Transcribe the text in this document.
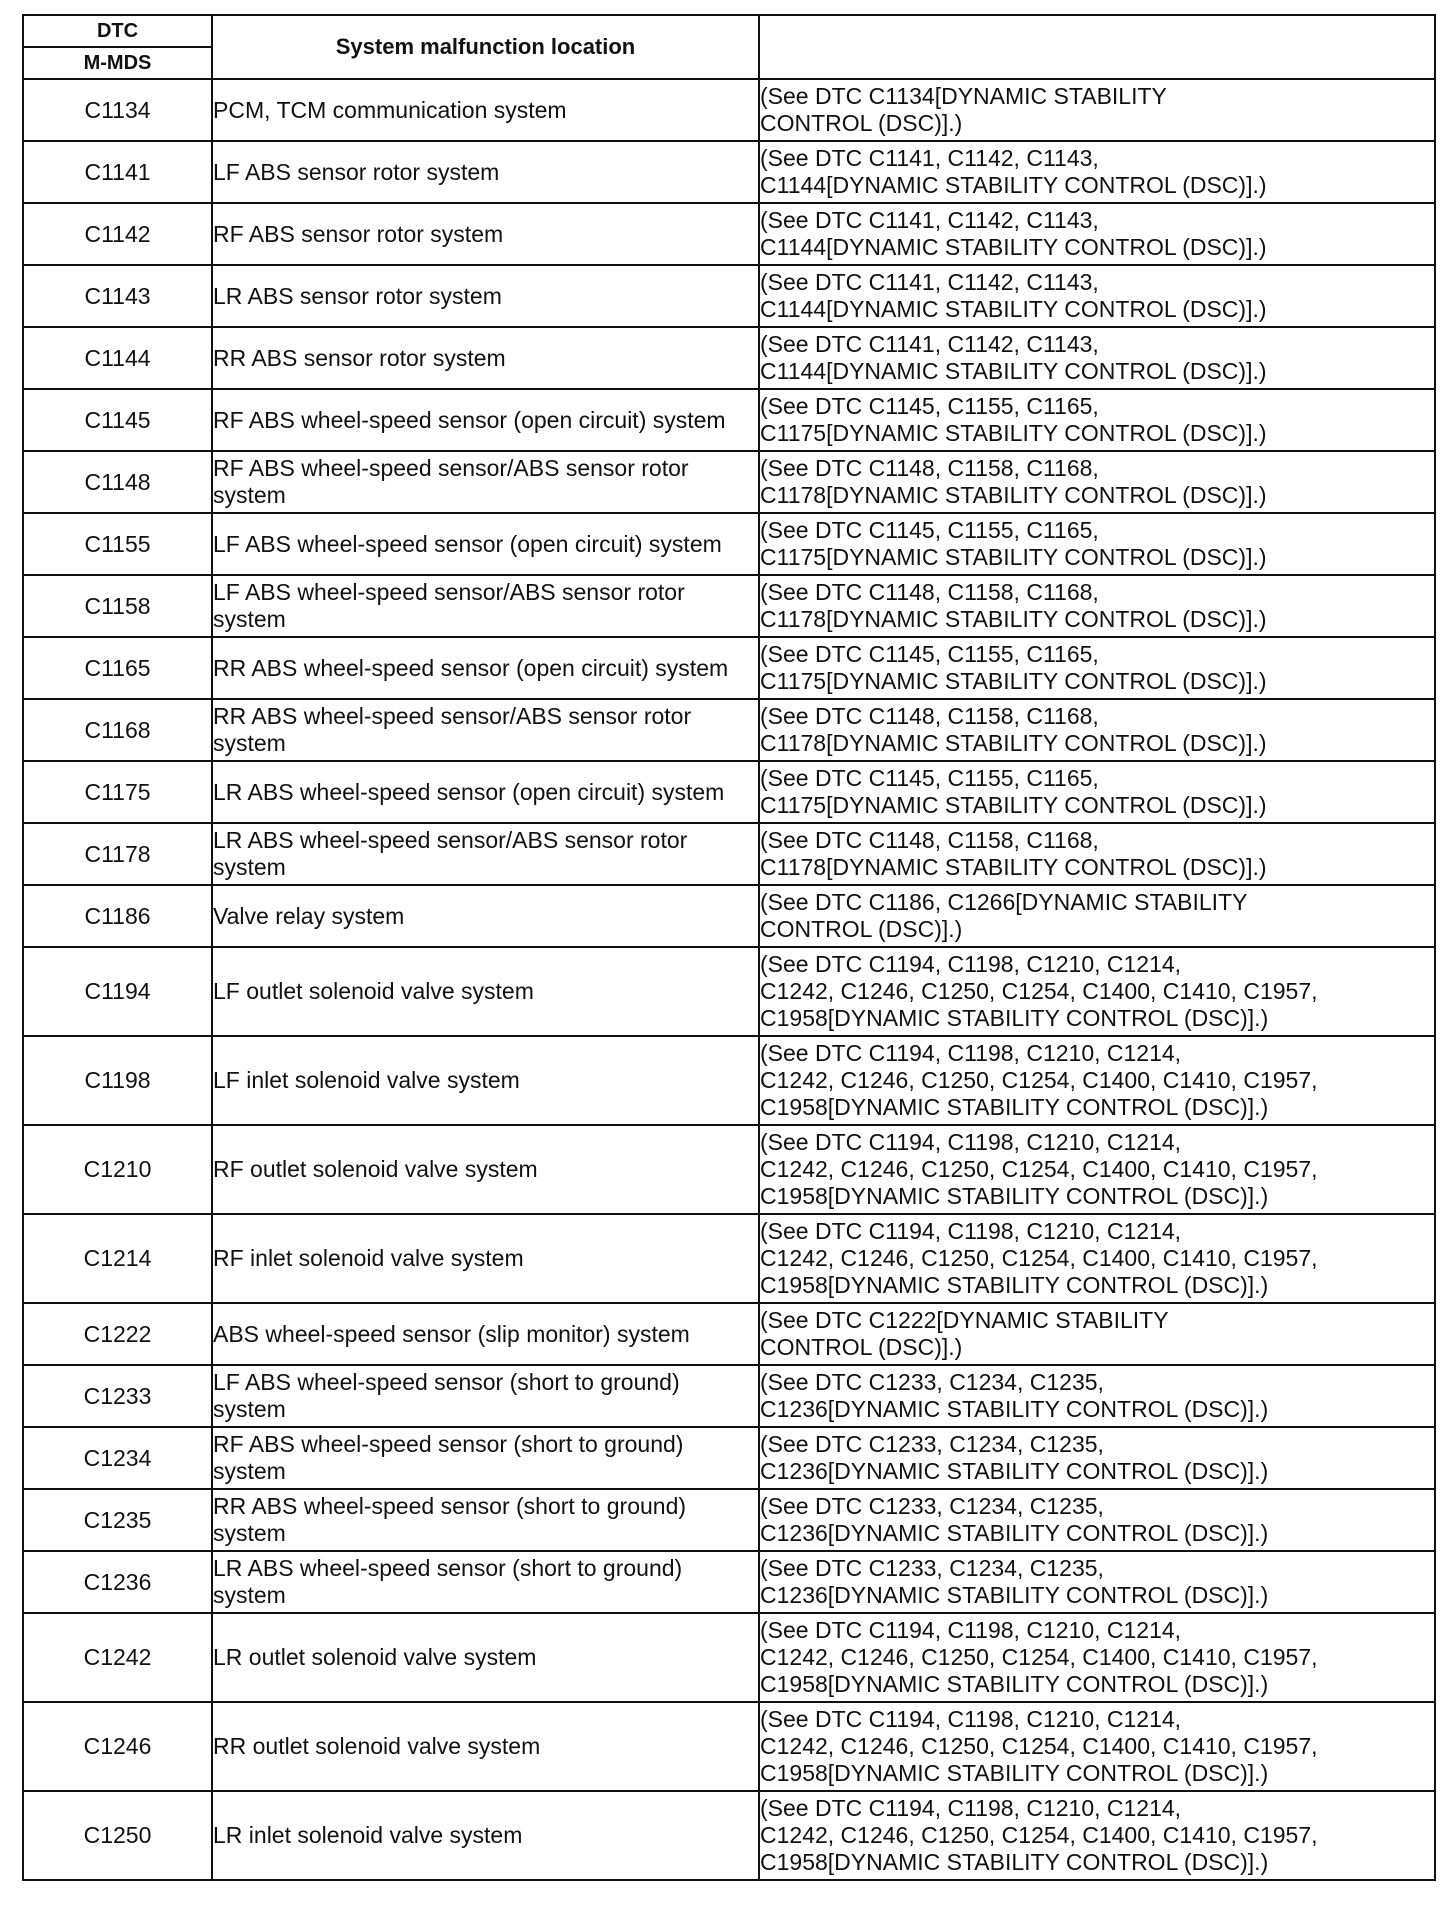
DTC	System malfunction location	
M-MDS		
C1134	PCM, TCM communication system	(See DTC C1134[DYNAMIC STABILITY
CONTROL (DSC)].)
C1141	LF ABS sensor rotor system	(See DTC C1141, C1142, C1143,
C1144[DYNAMIC STABILITY CONTROL (DSC)].)
C1142	RF ABS sensor rotor system	(See DTC C1141, C1142, C1143,
C1144[DYNAMIC STABILITY CONTROL (DSC)].)
C1143	LR ABS sensor rotor system	(See DTC C1141, C1142, C1143,
C1144[DYNAMIC STABILITY CONTROL (DSC)].)
C1144	RR ABS sensor rotor system	(See DTC C1141, C1142, C1143,
C1144[DYNAMIC STABILITY CONTROL (DSC)].)
C1145	RF ABS wheel-speed sensor (open circuit) system	(See DTC C1145, C1155, C1165,
C1175[DYNAMIC STABILITY CONTROL (DSC)].)
C1148	RF ABS wheel-speed sensor/ABS sensor rotor system	(See DTC C1148, C1158, C1168,
C1178[DYNAMIC STABILITY CONTROL (DSC)].)
C1155	LF ABS wheel-speed sensor (open circuit) system	(See DTC C1145, C1155, C1165,
C1175[DYNAMIC STABILITY CONTROL (DSC)].)
C1158	LF ABS wheel-speed sensor/ABS sensor rotor system	(See DTC C1148, C1158, C1168,
C1178[DYNAMIC STABILITY CONTROL (DSC)].)
C1165	RR ABS wheel-speed sensor (open circuit) system	(See DTC C1145, C1155, C1165,
C1175[DYNAMIC STABILITY CONTROL (DSC)].)
C1168	RR ABS wheel-speed sensor/ABS sensor rotor system	(See DTC C1148, C1158, C1168,
C1178[DYNAMIC STABILITY CONTROL (DSC)].)
C1175	LR ABS wheel-speed sensor (open circuit) system	(See DTC C1145, C1155, C1165,
C1175[DYNAMIC STABILITY CONTROL (DSC)].)
C1178	LR ABS wheel-speed sensor/ABS sensor rotor system	(See DTC C1148, C1158, C1168,
C1178[DYNAMIC STABILITY CONTROL (DSC)].)
C1186	Valve relay system	(See DTC C1186, C1266[DYNAMIC STABILITY
CONTROL (DSC)].)
C1194	LF outlet solenoid valve system	(See DTC C1194, C1198, C1210, C1214,
C1242, C1246, C1250, C1254, C1400, C1410, C1957,
C1958[DYNAMIC STABILITY CONTROL (DSC)].)
C1198	LF inlet solenoid valve system	(See DTC C1194, C1198, C1210, C1214,
C1242, C1246, C1250, C1254, C1400, C1410, C1957,
C1958[DYNAMIC STABILITY CONTROL (DSC)].)
C1210	RF outlet solenoid valve system	(See DTC C1194, C1198, C1210, C1214,
C1242, C1246, C1250, C1254, C1400, C1410, C1957,
C1958[DYNAMIC STABILITY CONTROL (DSC)].)
C1214	RF inlet solenoid valve system	(See DTC C1194, C1198, C1210, C1214,
C1242, C1246, C1250, C1254, C1400, C1410, C1957,
C1958[DYNAMIC STABILITY CONTROL (DSC)].)
C1222	ABS wheel-speed sensor (slip monitor) system	(See DTC C1222[DYNAMIC STABILITY
CONTROL (DSC)].)
C1233	LF ABS wheel-speed sensor (short to ground) system	(See DTC C1233, C1234, C1235,
C1236[DYNAMIC STABILITY CONTROL (DSC)].)
C1234	RF ABS wheel-speed sensor (short to ground) system	(See DTC C1233, C1234, C1235,
C1236[DYNAMIC STABILITY CONTROL (DSC)].)
C1235	RR ABS wheel-speed sensor (short to ground) system	(See DTC C1233, C1234, C1235,
C1236[DYNAMIC STABILITY CONTROL (DSC)].)
C1236	LR ABS wheel-speed sensor (short to ground) system	(See DTC C1233, C1234, C1235,
C1236[DYNAMIC STABILITY CONTROL (DSC)].)
C1242	LR outlet solenoid valve system	(See DTC C1194, C1198, C1210, C1214,
C1242, C1246, C1250, C1254, C1400, C1410, C1957,
C1958[DYNAMIC STABILITY CONTROL (DSC)].)
C1246	RR outlet solenoid valve system	(See DTC C1194, C1198, C1210, C1214,
C1242, C1246, C1250, C1254, C1400, C1410, C1957,
C1958[DYNAMIC STABILITY CONTROL (DSC)].)
C1250	LR inlet solenoid valve system	(See DTC C1194, C1198, C1210, C1214,
C1242, C1246, C1250, C1254, C1400, C1410, C1957,
C1958[DYNAMIC STABILITY CONTROL (DSC)].)
